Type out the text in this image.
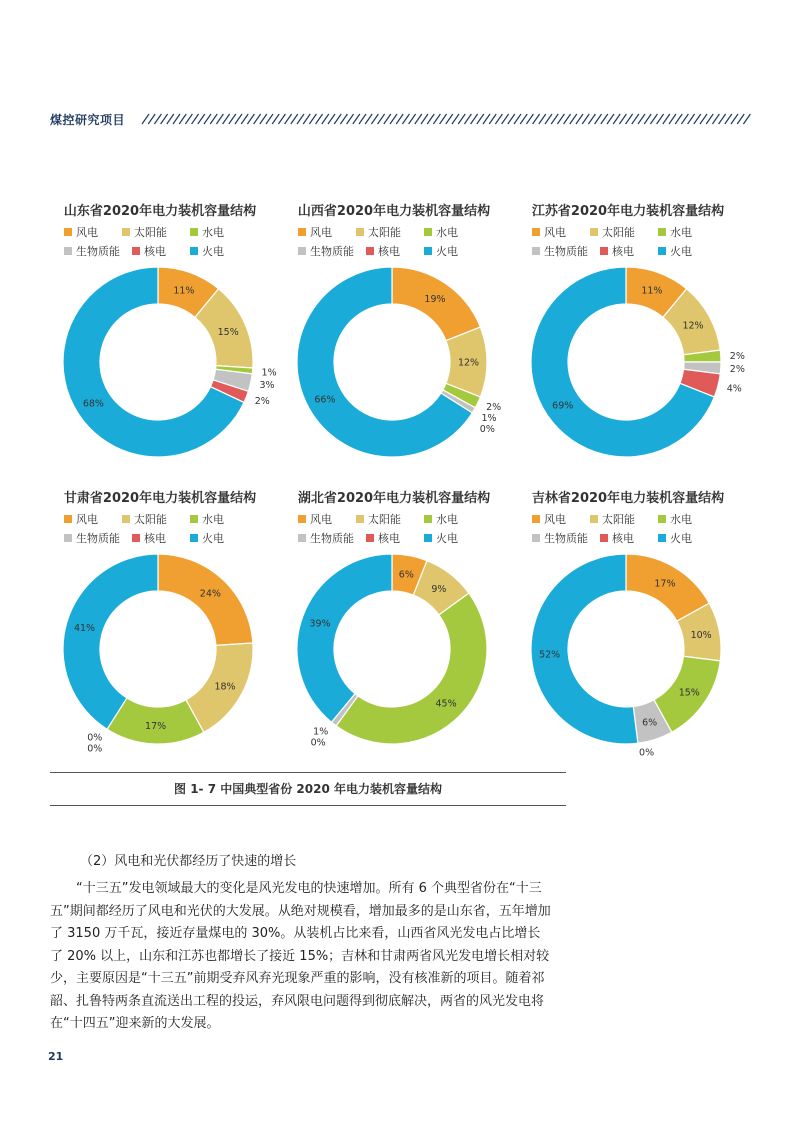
煤控研究项目
山东省2020年电力装机容量结构
风电	太阳能	水电
生物质能	核电	火电
11%
15%
1%
3%
2%
68%
山西省2020年电力装机容量结构
风电	太阳能	水电
生物质能	核电	火电
19%
12%
2%
1%
0%
66%
江苏省2020年电力装机容量结构
风电	太阳能	水电
生物质能	核电	火电
11%
12%
2%
2%
4%
69%
甘肃省2020年电力装机容量结构
风电	太阳能	水电
生物质能	核电	火电
24%
18%
17%
0%
0%
41%
湖北省2020年电力装机容量结构
风电	太阳能	水电
生物质能	核电	火电
6%
9%
45%
1%
0%
39%
吉林省2020年电力装机容量结构
风电	太阳能	水电
生物质能	核电	火电
17%
10%
15%
6%
0%
52%
图 1- 7 中国典型省份 2020 年电力装机容量结构
（2）风电和光伏都经历了快速的增长

“十三五”发电领域最大的变化是风光发电的快速增加。所有 6 个典型省份在“十三五”期间都经历了风电和光伏的大发展。从绝对规模看，增加最多的是山东省，五年增加了 3150 万千瓦，接近存量煤电的 30%。从装机占比来看，山西省风光发电占比增长了 20% 以上，山东和江苏也都增长了接近 15%；吉林和甘肃两省风光发电增长相对较少，主要原因是“十三五”前期受弃风弃光现象严重的影响，没有核准新的项目。随着祁韶、扎鲁特两条直流送出工程的投运，弃风限电问题得到彻底解决，两省的风光发电将在“十四五”迎来新的大发展。

21
